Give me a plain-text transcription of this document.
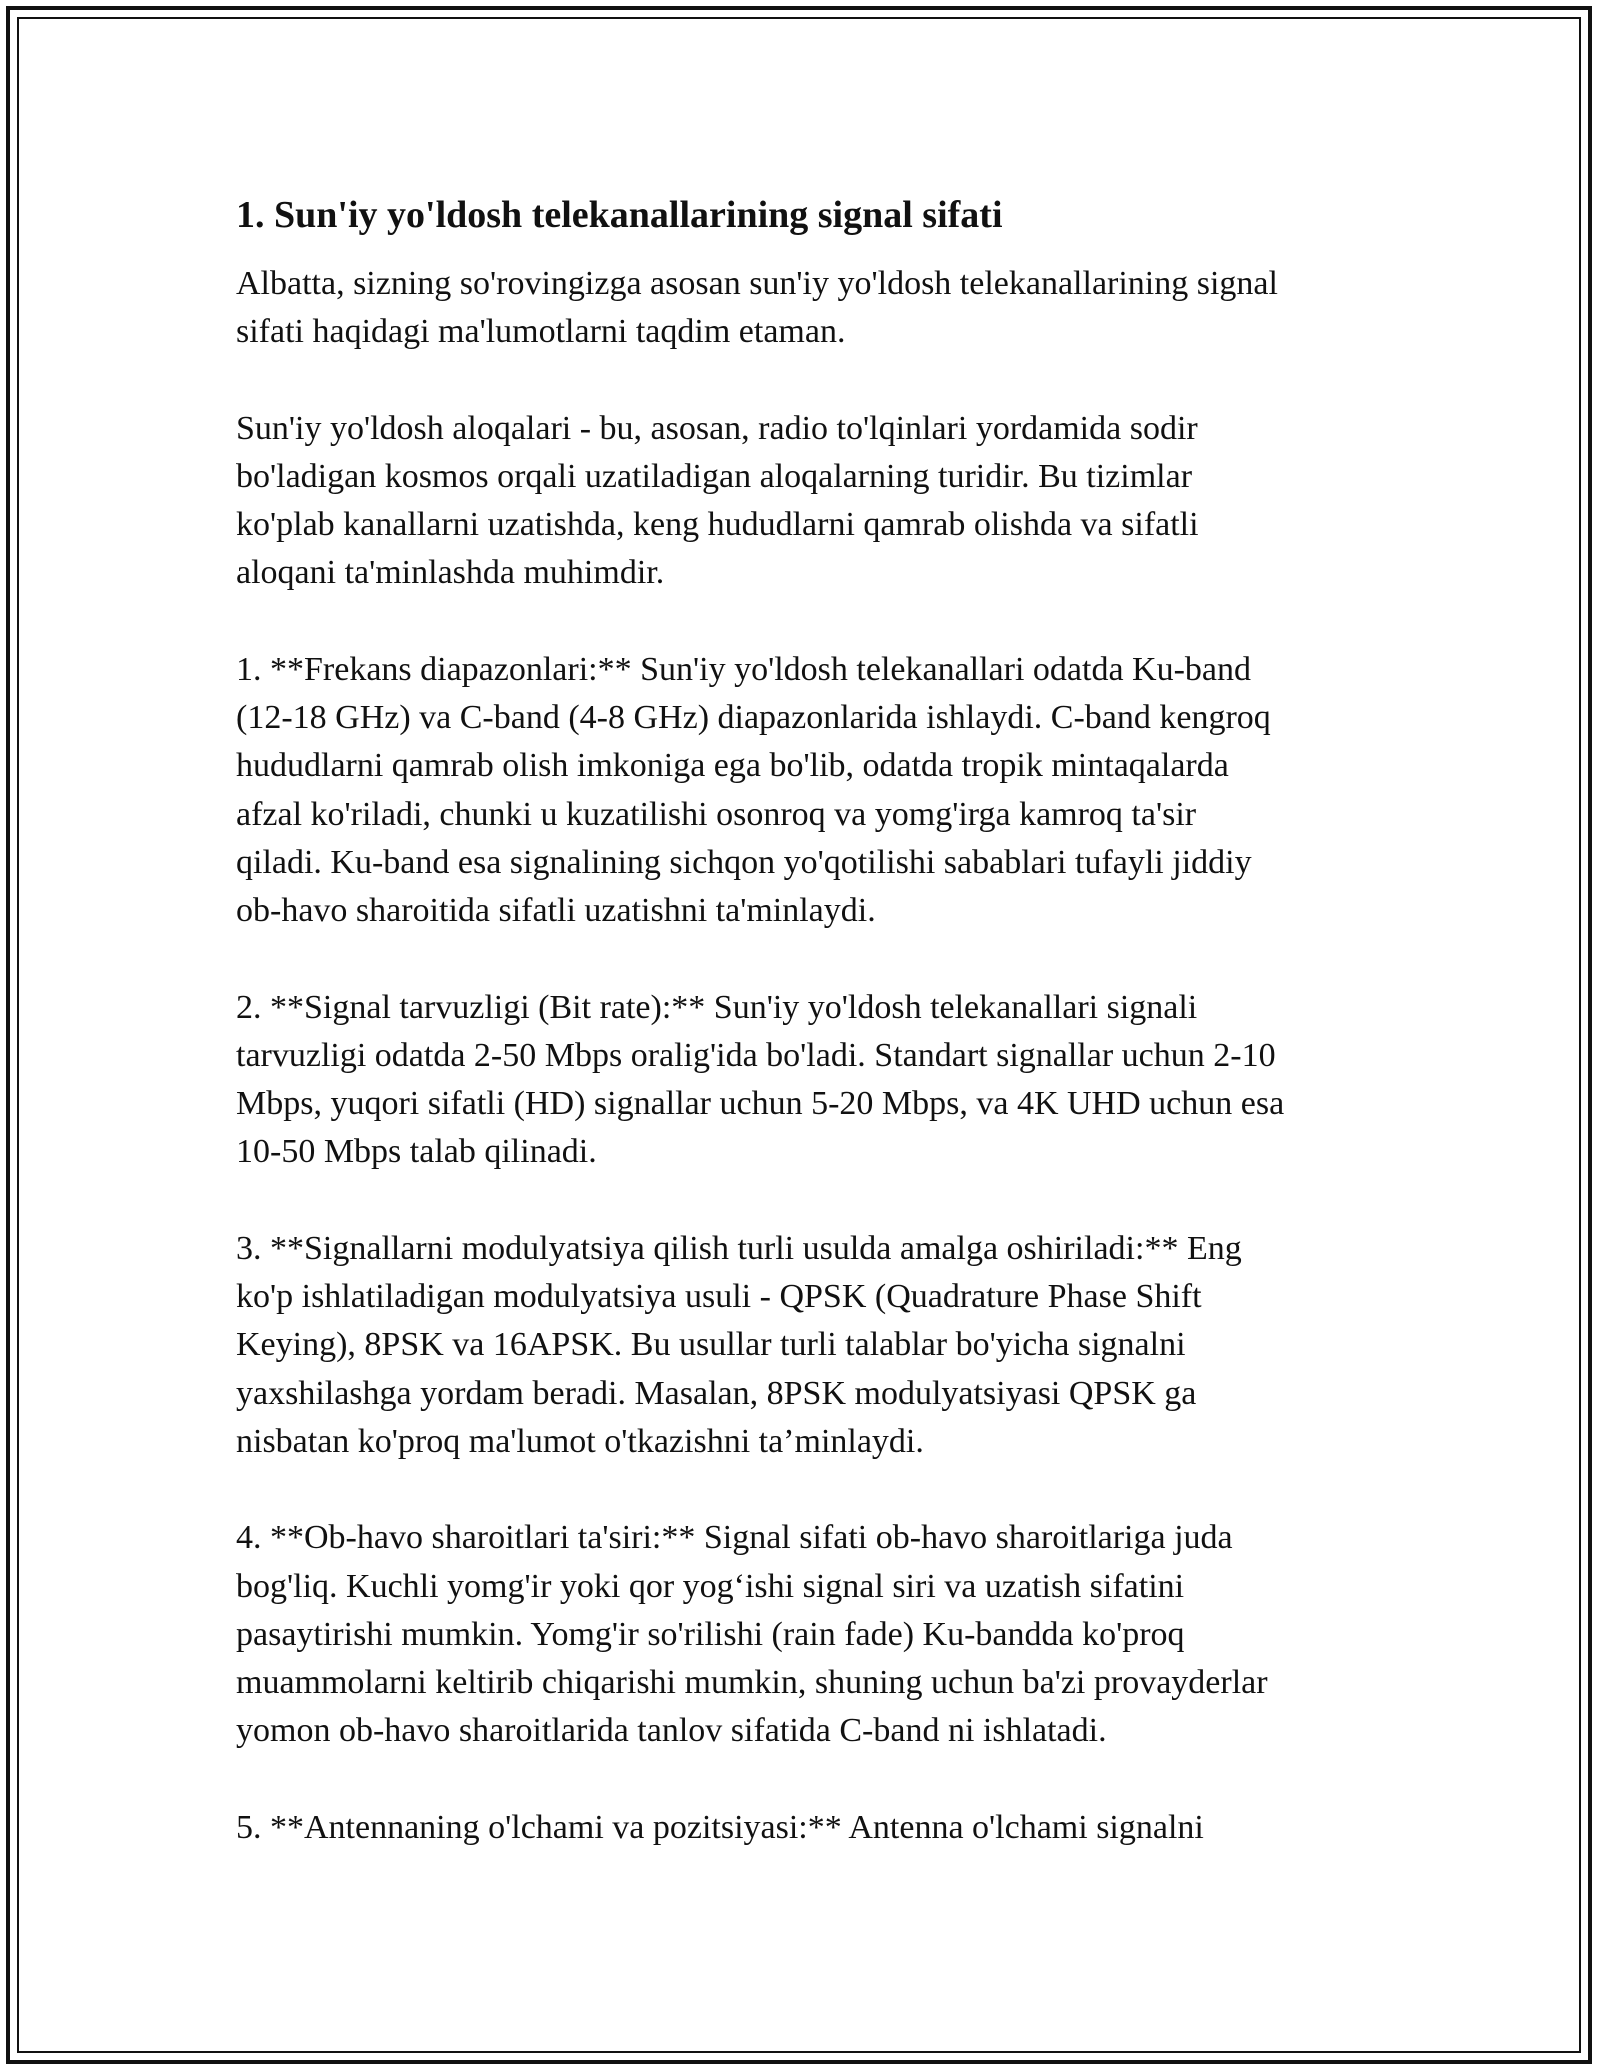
1. Sun'iy yo'ldosh telekanallarining signal sifati

Albatta, sizning so'rovingizga asosan sun'iy yo'ldosh telekanallarining signal
sifati haqidagi ma'lumotlarni taqdim etaman.

Sun'iy yo'ldosh aloqalari - bu, asosan, radio to'lqinlari yordamida sodir
bo'ladigan kosmos orqali uzatiladigan aloqalarning turidir. Bu tizimlar
ko'plab kanallarni uzatishda, keng hududlarni qamrab olishda va sifatli
aloqani ta'minlashda muhimdir.

1. **Frekans diapazonlari:** Sun'iy yo'ldosh telekanallari odatda Ku-band
(12-18 GHz) va C-band (4-8 GHz) diapazonlarida ishlaydi. C-band kengroq
hududlarni qamrab olish imkoniga ega bo'lib, odatda tropik mintaqalarda
afzal ko'riladi, chunki u kuzatilishi osonroq va yomg'irga kamroq ta'sir
qiladi. Ku-band esa signalining sichqon yo'qotilishi sabablari tufayli jiddiy
ob-havo sharoitida sifatli uzatishni ta'minlaydi.

2. **Signal tarvuzligi (Bit rate):** Sun'iy yo'ldosh telekanallari signali
tarvuzligi odatda 2-50 Mbps oralig'ida bo'ladi. Standart signallar uchun 2-10
Mbps, yuqori sifatli (HD) signallar uchun 5-20 Mbps, va 4K UHD uchun esa
10-50 Mbps talab qilinadi.

3. **Signallarni modulyatsiya qilish turli usulda amalga oshiriladi:** Eng
ko'p ishlatiladigan modulyatsiya usuli - QPSK (Quadrature Phase Shift
Keying), 8PSK va 16APSK. Bu usullar turli talablar bo'yicha signalni
yaxshilashga yordam beradi. Masalan, 8PSK modulyatsiyasi QPSK ga
nisbatan ko'proq ma'lumot o'tkazishni ta’minlaydi.

4. **Ob-havo sharoitlari ta'siri:** Signal sifati ob-havo sharoitlariga juda
bog'liq. Kuchli yomg'ir yoki qor yog‘ishi signal siri va uzatish sifatini
pasaytirishi mumkin. Yomg'ir so'rilishi (rain fade) Ku-bandda ko'proq
muammolarni keltirib chiqarishi mumkin, shuning uchun ba'zi provayderlar
yomon ob-havo sharoitlarida tanlov sifatida C-band ni ishlatadi.

5. **Antennaning o'lchami va pozitsiyasi:** Antenna o'lchami signalni
